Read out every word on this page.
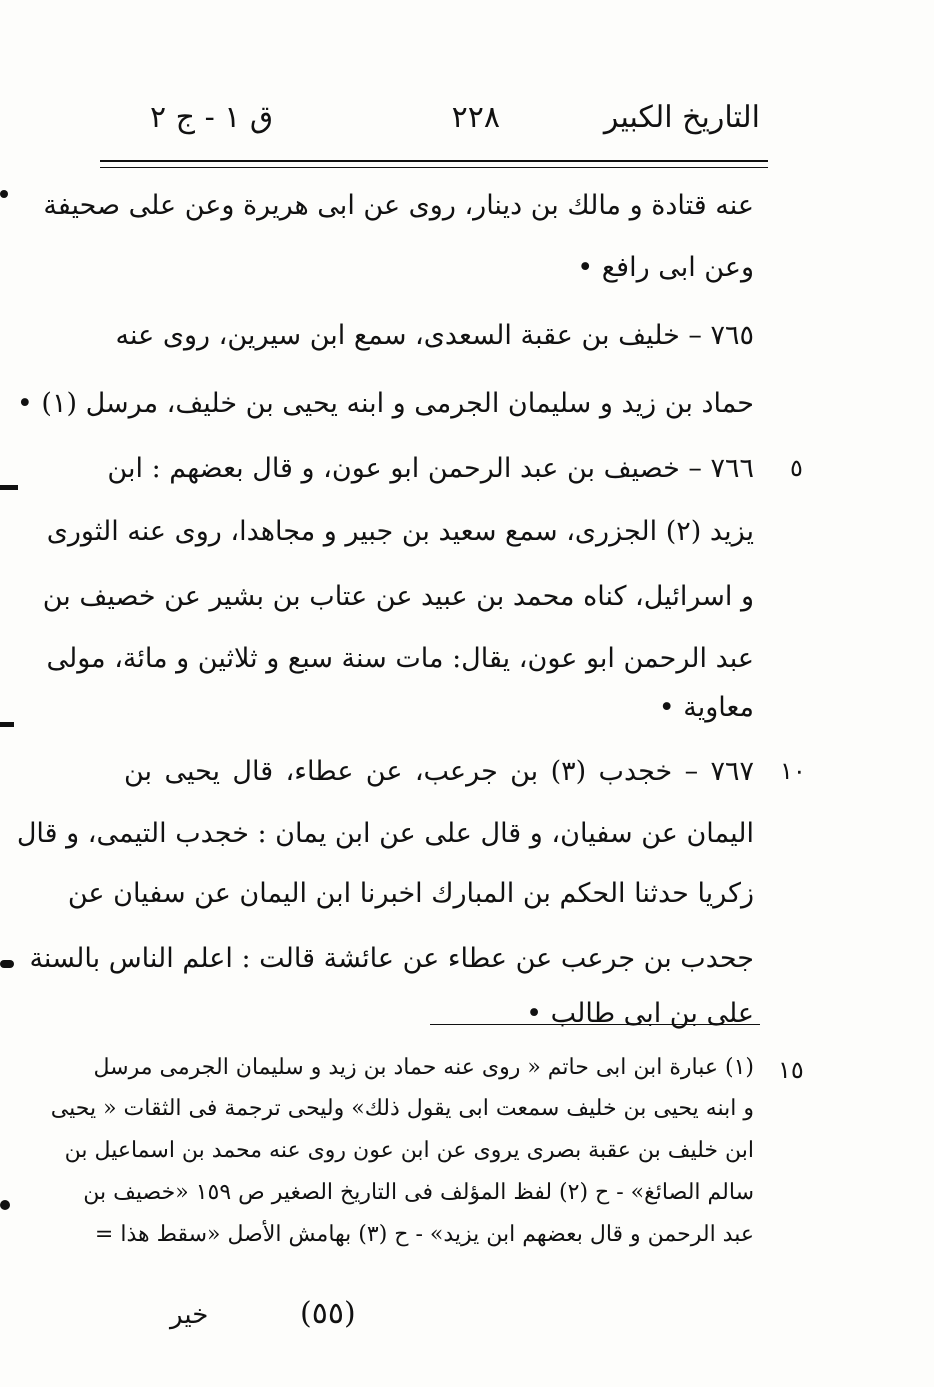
التاريخ الكبير
٢٢٨
ق ١ - ج ٢
عنه قتادة و مالك بن دينار، روى عن ابى هريرة وعن على صحيفة
وعن ابى رافع •
٧٦٥ – خليف بن عقبة السعدى، سمع ابن سيرين، روى عنه
حماد بن زيد و سليمان الجرمى و ابنه يحيى بن خليف، مرسل (١) •
٧٦٦ – خصيف بن عبد الرحمن ابو عون، و قال بعضهم : ابن
يزيد (٢) الجزرى، سمع سعيد بن جبير و مجاهدا، روى عنه الثورى
و اسرائيل، كناه محمد بن عبيد عن عتاب بن بشير عن خصيف بن
عبد الرحمن ابو عون، يقال: مات سنة سبع و ثلاثين و مائة، مولى
معاوية •
٧٦٧ – خجدب (٣) بن جرعب، عن عطاء، قال يحيى بن
اليمان عن سفيان، و قال على عن ابن يمان : خجدب التيمى، و قال
زكريا حدثنا الحكم بن المبارك اخبرنا ابن اليمان عن سفيان عن
جحدب بن جرعب عن عطاء عن عائشة قالت : اعلم الناس بالسنة
على بن ابى طالب •
(١) عبارة ابن ابى حاتم « روى عنه حماد بن زيد و سليمان الجرمى مرسل
و ابنه يحيى بن خليف سمعت ابى يقول ذلك» وليحى ترجمة فى الثقات « يحيى
ابن خليف بن عقبة بصرى يروى عن ابن عون روى عنه محمد بن اسماعيل بن
سالم الصائغ» - ح (٢) لفظ المؤلف فى التاريخ الصغير ص ١٥٩ «خصيف بن
عبد الرحمن و قال بعضهم ابن يزيد» - ح (٣) بهامش الأصل «سقط هذا =
٥
١٠
١٥
خير	(٥٥)
